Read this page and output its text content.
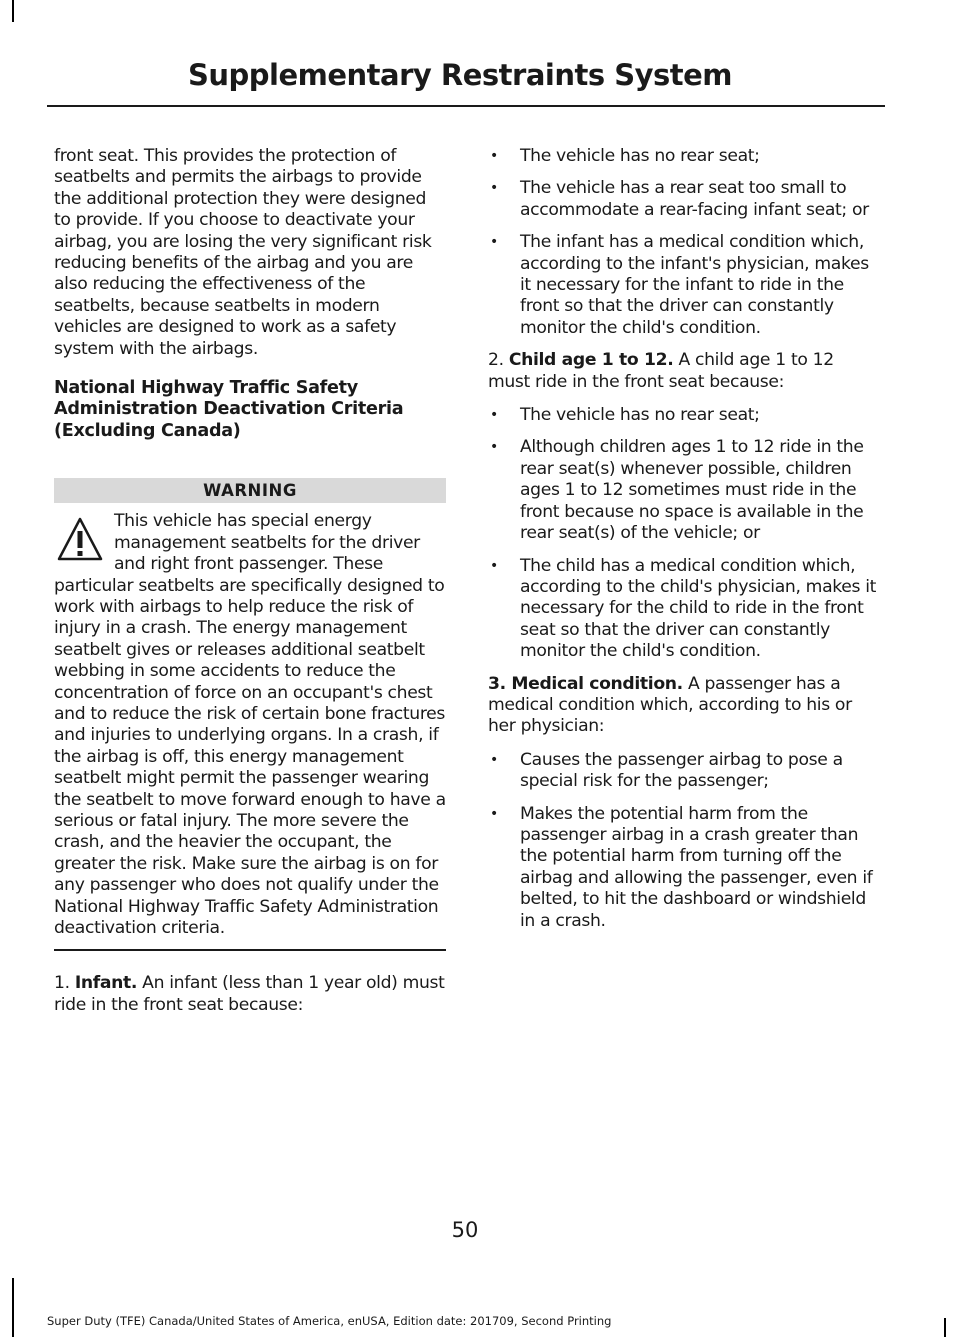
Supplementary Restraints System

front seat. This provides the protection of seatbelts and permits the airbags to provide the additional protection they were designed to provide. If you choose to deactivate your airbag, you are losing the very significant risk reducing benefits of the airbag and you are also reducing the effectiveness of the seatbelts, because seatbelts in modern vehicles are designed to work as a safety system with the airbags.

National Highway Traffic Safety Administration Deactivation Criteria (Excluding Canada)
WARNING

This vehicle has special energy management seatbelts for the driver and right front passenger. These particular seatbelts are specifically designed to work with airbags to help reduce the risk of injury in a crash. The energy management seatbelt gives or releases additional seatbelt webbing in some accidents to reduce the concentration of force on an occupant's chest and to reduce the risk of certain bone fractures and injuries to underlying organs. In a crash, if the airbag is off, this energy management seatbelt might permit the passenger wearing the seatbelt to move forward enough to have a serious or fatal injury. The more severe the crash, and the heavier the occupant, the greater the risk. Make sure the airbag is on for any passenger who does not qualify under the National Highway Traffic Safety Administration deactivation criteria.

1. Infant. An infant (less than 1 year old) must ride in the front seat because:

• The vehicle has no rear seat;
• The vehicle has a rear seat too small to accommodate a rear-facing infant seat; or
• The infant has a medical condition which, according to the infant's physician, makes it necessary for the infant to ride in the front so that the driver can constantly monitor the child's condition.

2. Child age 1 to 12. A child age 1 to 12 must ride in the front seat because:

• The vehicle has no rear seat;
• Although children ages 1 to 12 ride in the rear seat(s) whenever possible, children ages 1 to 12 sometimes must ride in the front because no space is available in the rear seat(s) of the vehicle; or
• The child has a medical condition which, according to the child's physician, makes it necessary for the child to ride in the front seat so that the driver can constantly monitor the child's condition.

3. Medical condition. A passenger has a medical condition which, according to his or her physician:

• Causes the passenger airbag to pose a special risk for the passenger;
• Makes the potential harm from the passenger airbag in a crash greater than the potential harm from turning off the airbag and allowing the passenger, even if belted, to hit the dashboard or windshield in a crash.
50
Super Duty (TFE) Canada/United States of America, enUSA, Edition date: 201709, Second Printing
